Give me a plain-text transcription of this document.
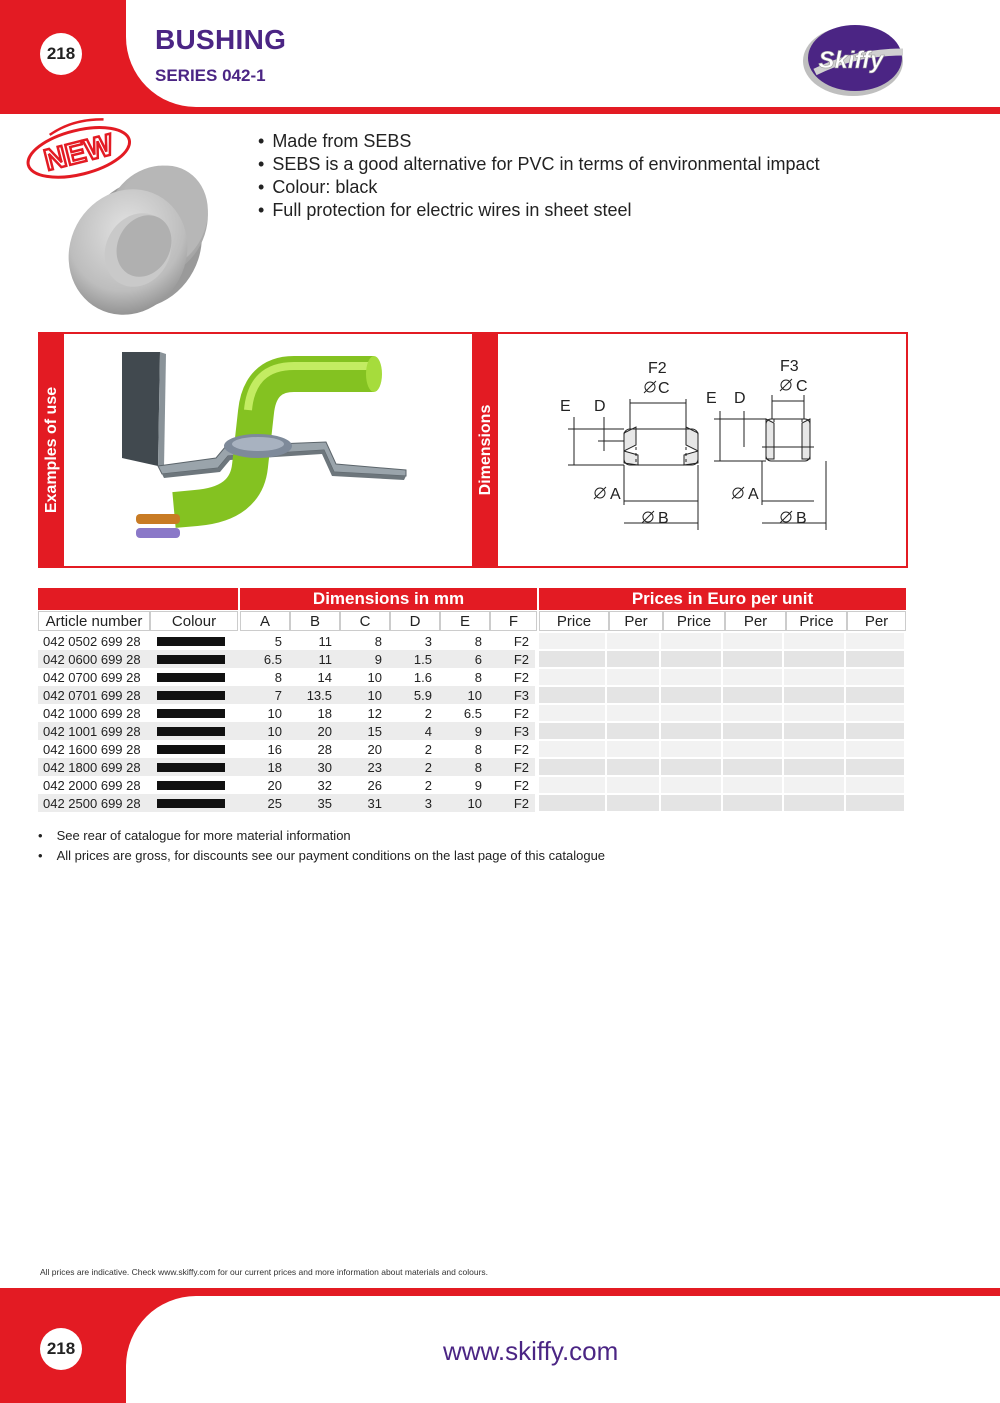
218	BUSHING
SERIES 042-1
Skiffy
NEW
•	Made from SEBS
• SEBS is a good alternative for PVC in terms of environmental impact
• Colour: black
• Full protection for electric wires in sheet steel
Examples of use	Dimensions
F2
C
E D
A
B
F3
C
E D
A
B
Dimensions in mm	Prices in Euro per unit
Article number	Colour	A	B	C	D	E	F	Price	Per	Price	Per	Price	Per
042 0502 699 28	5	11	8	3	8	F2
042 0600 699 28	6.5	11	9	1.5	6	F2
042 0700 699 28	8	14	10	1.6	8	F2
042 0701 699 28	7	13.5	10	5.9	10	F3
042 1000 699 28	10	18	12	2	6.5	F2
042 1001 699 28	10	20	15	4	9	F3
042 1600 699 28	16	28	20	2	8	F2
042 1800 699 28	18	30	23	2	8	F2
042 2000 699 28	20	32	26	2	9	F2
042 2500 699 28	25	35	31	3	10	F2
• See rear of catalogue for more material information
• All prices are gross, for discounts see our payment conditions on the last page of this catalogue
All prices are indicative. Check www.skiffy.com for our current prices and more information about materials and colours.
218	www.skiffy.com
